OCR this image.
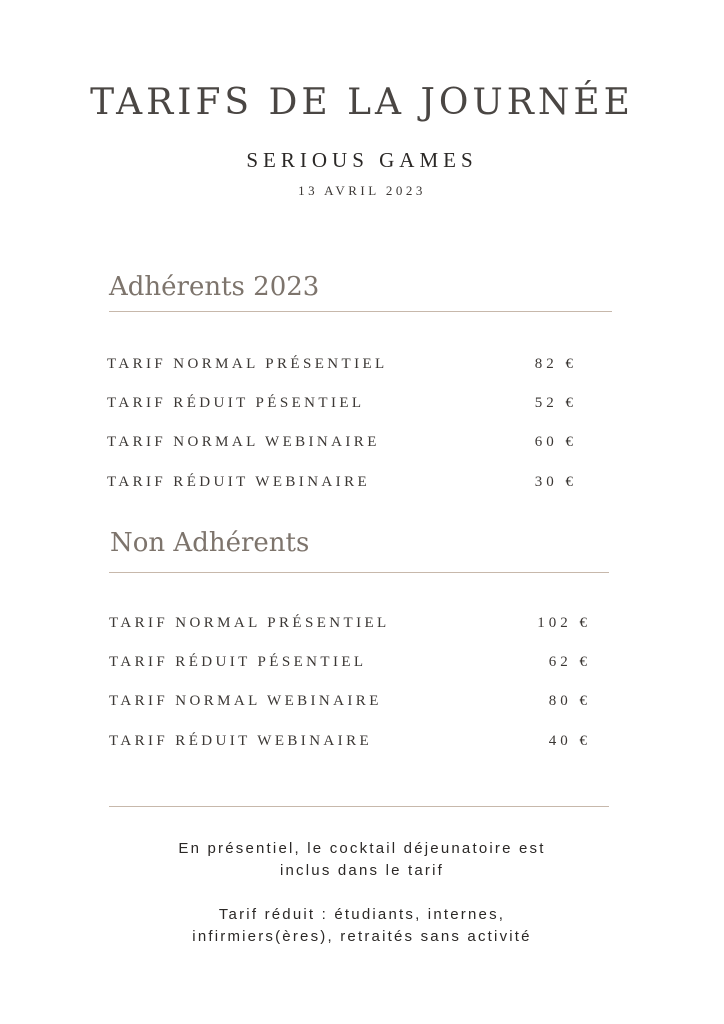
TARIFS DE LA JOURNÉE
SERIOUS GAMES
13 AVRIL 2023
Adhérents 2023
TARIF NORMAL PRÉSENTIEL	82 €
TARIF RÉDUIT PÉSENTIEL	52 €
TARIF NORMAL WEBINAIRE	60 €
TARIF RÉDUIT WEBINAIRE	30 €
Non Adhérents
TARIF NORMAL PRÉSENTIEL	102 €
TARIF RÉDUIT PÉSENTIEL	62 €
TARIF NORMAL WEBINAIRE	80 €
TARIF RÉDUIT WEBINAIRE	40 €
En présentiel, le cocktail déjeunatoire est
inclus dans le tarif
Tarif réduit : étudiants, internes,
infirmiers(ères), retraités sans activité
